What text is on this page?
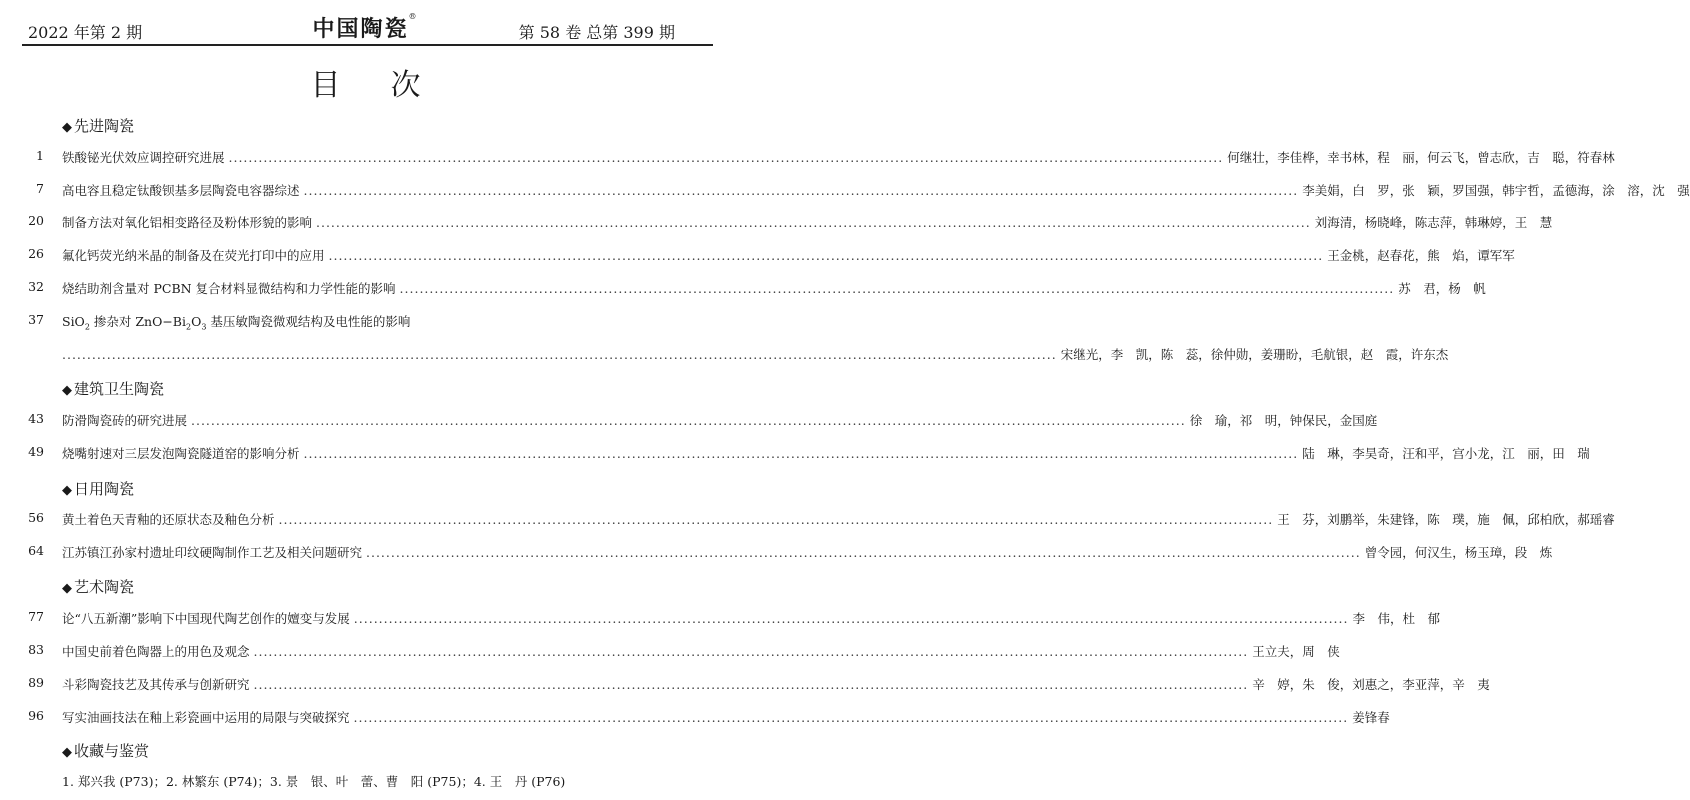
2022 年第 2 期	中国陶瓷®
第 58 卷 总第 399 期
目次
◆ 先进陶瓷
1 铁酸铋光伏效应调控研究进展 ........................................................................................................................................................................................................ 何继壮，李佳桦，幸书林，程　丽，何云飞，曾志欣，吉　聪，符春林
7 高电容且稳定钛酸钡基多层陶瓷电容器综述 ........................................................................................................................................................................................................ 李美娟，白　罗，张　颖，罗国强，韩宇哲，孟德海，涂　溶，沈　强
20 制备方法对氧化铝相变路径及粉体形貌的影响 ........................................................................................................................................................................................................ 刘海清，杨晓峰，陈志萍，韩琳婷，王　慧
26 氟化钙荧光纳米晶的制备及在荧光打印中的应用 ........................................................................................................................................................................................................ 王金桃，赵春花，熊　焰，谭军军
32 烧结助剂含量对 PCBN 复合材料显微结构和力学性能的影响 ........................................................................................................................................................................................................ 苏　君，杨　帆
37 SiO$_2$ 掺杂对 $ZnO-Bi_2O_3$ 基压敏陶瓷微观结构及电性能的影响
........................................................................................................................................................................................................ 宋继光，李　凯，陈　蕊，徐仲勋，姜珊盼，毛航银，赵　霞，许东杰
◆ 建筑卫生陶瓷
43 防滑陶瓷砖的研究进展 ........................................................................................................................................................................................................ 徐　瑜，祁　明，钟保民，金国庭
49 烧嘴射速对三层发泡陶瓷隧道窑的影响分析 ........................................................................................................................................................................................................ 陆　琳，李昊奇，汪和平，宫小龙，江　丽，田　瑞
◆ 日用陶瓷
56 黄土着色天青釉的还原状态及釉色分析 ........................................................................................................................................................................................................ 王　芬，刘鹏举，朱建锋，陈　璞，施　佩，邱柏欣，郝瑶睿
64 江苏镇江孙家村遗址印纹硬陶制作工艺及相关问题研究 ........................................................................................................................................................................................................ 曾令园，何汉生，杨玉璋，段　炼
◆ 艺术陶瓷
77 论“八五新潮”影响下中国现代陶艺创作的嬗变与发展 ........................................................................................................................................................................................................ 李　伟，杜　郁
83 中国史前着色陶器上的用色及观念 ........................................................................................................................................................................................................ 王立夫，周　侠
89 斗彩陶瓷技艺及其传承与创新研究 ........................................................................................................................................................................................................ 辛　婷，朱　俊，刘惠之，李亚萍，辛　夷
96 写实油画技法在釉上彩瓷画中运用的局限与突破探究 ........................................................................................................................................................................................................ 姜锋春
◆ 收藏与鉴赏
1. 郑兴我 (P73)；2. 林繁东 (P74)；3. 景　银、叶　蕾、曹　阳 (P75)；4. 王　丹 (P76)
